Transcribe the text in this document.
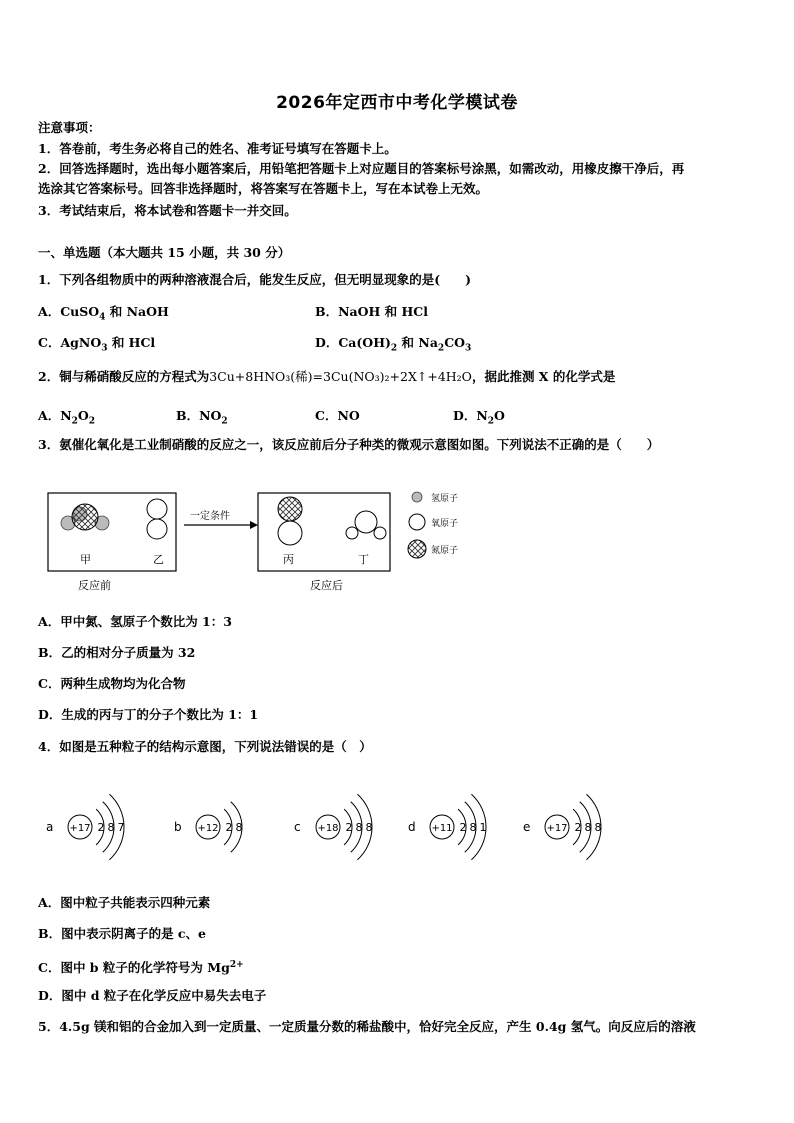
2026年定西市中考化学模试卷
注意事项：
1．答卷前，考生务必将自己的姓名、准考证号填写在答题卡上。
2．回答选择题时，选出每小题答案后，用铅笔把答题卡上对应题目的答案标号涂黑，如需改动，用橡皮擦干净后，再
选涂其它答案标号。回答非选择题时，将答案写在答题卡上，写在本试卷上无效。
3．考试结束后，将本试卷和答题卡一并交回。
一、单选题（本大题共 15 小题，共 30 分）
1．下列各组物质中的两种溶液混合后，能发生反应，但无明显现象的是(　　)
A．CuSO$_4$ 和 NaOH	B．NaOH 和 HCl
C．AgNO$_3$ 和 HCl	D．$Ca(OH)_2$ 和 $Na_2CO_3$
2．铜与稀硝酸反应的方程式为3Cu+8HNO₃(稀)=3Cu(NO₃)₂+2X↑+4H₂O，据此推测 X 的化学式是
A．$N_2O_2$	B．$NO_2$	C．NO	D．$N_2O$
3．氨催化氧化是工业制硝酸的反应之一，该反应前后分子种类的微观示意图如图。下列说法不正确的是（　　）
甲	乙
反应前
一定条件
丙	丁
反应后
氢原子
氧原子
氮原子
A．甲中氮、氢原子个数比为 1：3
B．乙的相对分子质量为 32
C．两种生成物均为化合物
D．生成的丙与丁的分子个数比为 1：1
4．如图是五种粒子的结构示意图，下列说法错误的是（　）
a +17 2 8 7	b +12 2 8	c +18 2 8 8	d +11 2 8 1	e +17 2 8 8
A．图中粒子共能表示四种元素
B．图中表示阴离子的是 c、e
C．图中 b 粒子的化学符号为 $Mg^{2+}$
D．图中 d 粒子在化学反应中易失去电子
5．4.5g 镁和铝的合金加入到一定质量、一定质量分数的稀盐酸中，恰好完全反应，产生 0.4g 氢气。向反应后的溶液
